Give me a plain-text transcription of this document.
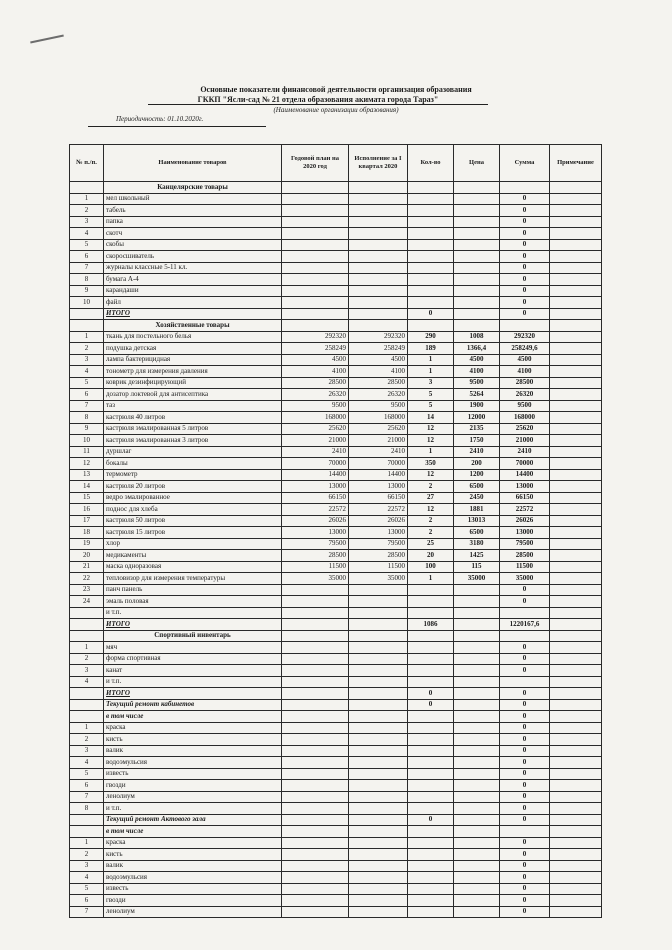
Основные показатели финансовой деятельности организация образования
ГККП "Ясли-сад № 21 отдела образования акимата города Тараз"
(Наименование организации образования)
Периодичность: 01.10.2020г.
№ п./п.	Наименование товаров	Годовой план на 2020 год	Исполнение за I квартал 2020	Кол-во	Цена	Сумма	Примечание
	Канцелярские товары						
1	мел школьный					0	
2	табель					0	
3	папка					0	
4	скотч					0	
5	скобы					0	
6	скоросшиватель					0	
7	журналы классные 5-11 кл.					0	
8	бумага А-4					0	
9	карандаши					0	
10	файл					0	
	ИТОГО			0		0	
	Хозяйственные товары						
1	ткань для постельного белья	292320	292320	290	1008	292320	
2	подушка детская	258249	258249	189	1366,4	258249,6	
3	лампа бактерицидная	4500	4500	1	4500	4500	
4	тонометр для измерения давления	4100	4100	1	4100	4100	
5	коврик дезинфицирующий	28500	28500	3	9500	28500	
6	дозатор локтевой для антисептика	26320	26320	5	5264	26320	
7	таз	9500	9500	5	1900	9500	
8	кастрюля 40 литров	168000	168000	14	12000	168000	
9	кастрюля эмалированная 5 литров	25620	25620	12	2135	25620	
10	кастрюля эмалированная 3 литров	21000	21000	12	1750	21000	
11	дуршлаг	2410	2410	1	2410	2410	
12	бокалы	70000	70000	350	200	70000	
13	термометр	14400	14400	12	1200	14400	
14	кастрюля 20 литров	13000	13000	2	6500	13000	
15	ведро эмалированное	66150	66150	27	2450	66150	
16	поднос для хлеба	22572	22572	12	1881	22572	
17	кастрюля 50 литров	26026	26026	2	13013	26026	
18	кастрюля 15 литров	13000	13000	2	6500	13000	
19	хлор	79500	79500	25	3180	79500	
20	медикаменты	28500	28500	20	1425	28500	
21	маска одноразовая	11500	11500	100	115	11500	
22	тепловизор для измерения температуры	35000	35000	1	35000	35000	
23	панч панель					0	
24	эмаль половая					0	
	и т.п.						
	ИТОГО			1086		1220167,6	
	Спортивный инвентарь						
1	мяч					0	
2	форма спортивная					0	
3	канат					0	
4	и т.п.						
	ИТОГО			0		0	
	Текущий ремонт кабинетов			0		0	
	в том числе					0	
1	краска					0	
2	кисть					0	
3	валик					0	
4	водоэмульсия					0	
5	известь					0	
6	гвозди					0	
7	ленолиум					0	
8	и т.п.					0	
	Текущий ремонт Актового зала			0		0	
	в том числе						
1	краска					0	
2	кисть					0	
3	валик					0	
4	водоэмульсия					0	
5	известь					0	
6	гвозди					0	
7	ленолиум					0	
